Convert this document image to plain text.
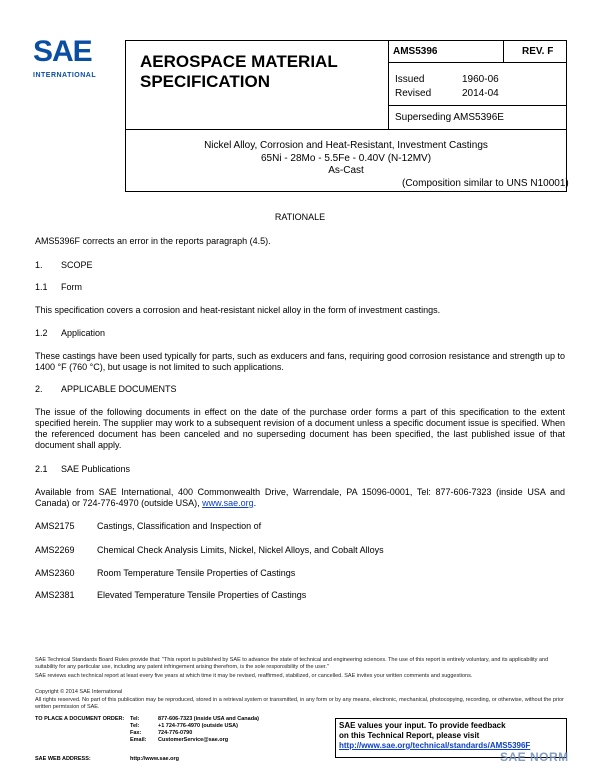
SAE
INTERNATIONAL
AEROSPACE MATERIAL
SPECIFICATION
AMS5396	REV. F
Issued	1960-06
Revised	2014-04
Superseding AMS5396E
Nickel Alloy, Corrosion and Heat-Resistant, Investment Castings
65Ni - 28Mo - 5.5Fe - 0.40V (N-12MV)
As-Cast
(Composition similar to UNS N10001)
RATIONALE
AMS5396F corrects an error in the reports paragraph (4.5).
1. SCOPE
1.1 Form
This specification covers a corrosion and heat-resistant nickel alloy in the form of investment castings.
1.2 Application
These castings have been used typically for parts, such as exducers and fans, requiring good corrosion resistance and strength up to 1400 °F (760 °C), but usage is not limited to such applications.
2. APPLICABLE DOCUMENTS
The issue of the following documents in effect on the date of the purchase order forms a part of this specification to the extent specified herein. The supplier may work to a subsequent revision of a document unless a specific document issue is specified. When the referenced document has been canceled and no superseding document has been specified, the last published issue of that document shall apply.
2.1 SAE Publications
Available from SAE International, 400 Commonwealth Drive, Warrendale, PA 15096-0001, Tel: 877-606-7323 (inside USA and Canada) or 724-776-4970 (outside USA), www.sae.org.
AMS2175 Castings, Classification and Inspection of
AMS2269 Chemical Check Analysis Limits, Nickel, Nickel Alloys, and Cobalt Alloys
AMS2360 Room Temperature Tensile Properties of Castings
AMS2381 Elevated Temperature Tensile Properties of Castings
SAE Technical Standards Board Rules provide that: "This report is published by SAE to advance the state of technical and engineering sciences. The use of this report is entirely voluntary, and its applicability and suitability for any particular use, including any patent infringement arising therefrom, is the sole responsibility of the user."
SAE reviews each technical report at least every five years at which time it may be revised, reaffirmed, stabilized, or cancelled. SAE invites your written comments and suggestions.
Copyright © 2014 SAE International
All rights reserved. No part of this publication may be reproduced, stored in a retrieval system or transmitted, in any form or by any means, electronic, mechanical, photocopying, recording, or otherwise, without the prior written permission of SAE.
TO PLACE A DOCUMENT ORDER: Tel:	877-606-7323 (inside USA and Canada)
Tel:	+1 724-776-4970 (outside USA)
Fax:	724-776-0790
Email: CustomerService@sae.org
SAE WEB ADDRESS:	http://www.sae.org
SAE values your input. To provide feedback
on this Technical Report, please visit
http://www.sae.org/technical/standards/AMS5396F
SAE NORM
